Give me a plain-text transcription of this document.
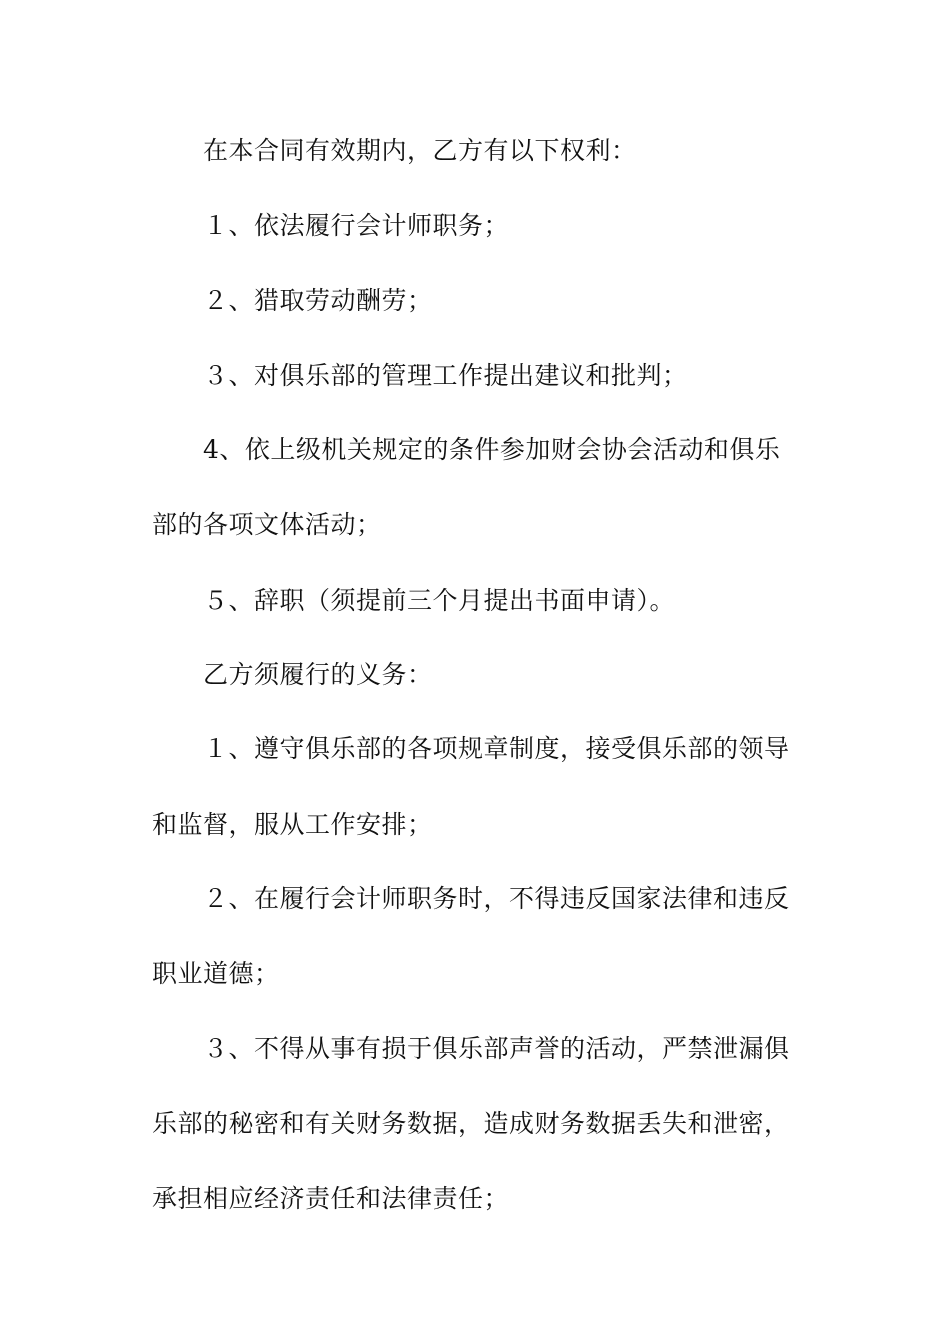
在本合同有效期内，乙方有以下权利：
１、依法履行会计师职务；
２、猎取劳动酬劳；
３、对俱乐部的管理工作提出建议和批判；
4、依上级机关规定的条件参加财会协会活动和俱乐
部的各项文体活动；
５、辞职（须提前三个月提出书面申请）。
乙方须履行的义务：
１、遵守俱乐部的各项规章制度，接受俱乐部的领导
和监督，服从工作安排；
２、在履行会计师职务时，不得违反国家法律和违反
职业道德；
３、不得从事有损于俱乐部声誉的活动，严禁泄漏俱
乐部的秘密和有关财务数据，造成财务数据丢失和泄密，
承担相应经济责任和法律责任；
